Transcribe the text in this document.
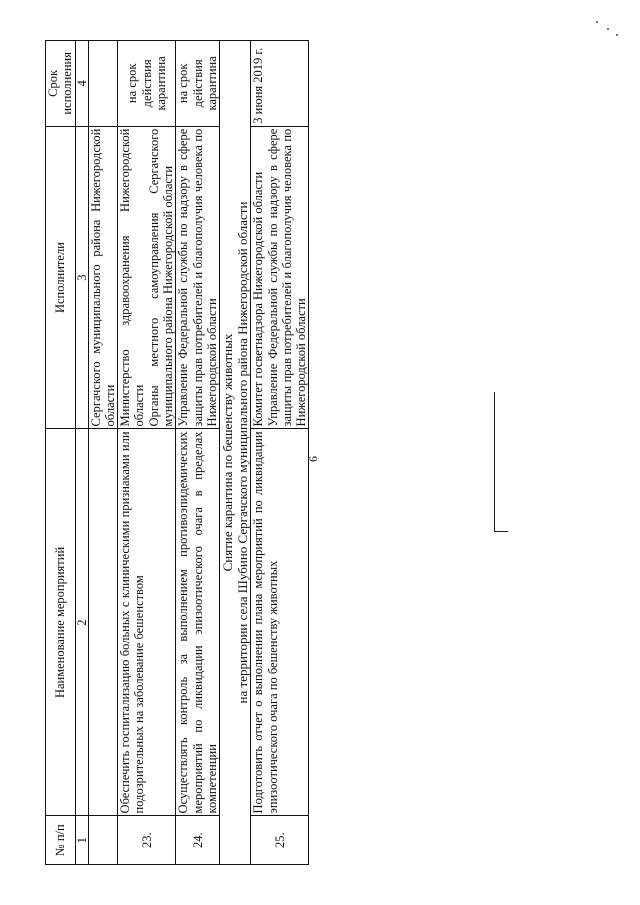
6
№ п/п	Наименование мероприятий	Исполнители	Срок исполнения
1	2	3	4
		Сергачского муниципального района Нижегородской области	
23.	Обеспечить госпитализацию больных с клиническими признаками или подозрительных на заболевание бешенством	Министерство здравоохранения Нижегородской области Органы местного самоуправления Сергачского муниципального района Нижегородской области	на срок действия карантина
24.	Осуществлять контроль за выполнением противоэпидемических мероприятий по ликвидации эпизоотического очага в пределах компетенции	Управление Федеральной службы по надзору в сфере защиты прав потребителей и благополучия человека по Нижегородской области	на срок действия карантина

Снятие карантина по бешенству животных на территории села Шубино Сергачского муниципального района Нижегородской области			

25.	Подготовить отчет о выполнении плана мероприятий по ликвидации эпизоотического очага по бешенству животных	Комитет госветнадзора Нижегородской области Управление Федеральной службы по надзору в сфере защиты прав потребителей и благополучия человека по Нижегородской области	3 июня 2019 г.
